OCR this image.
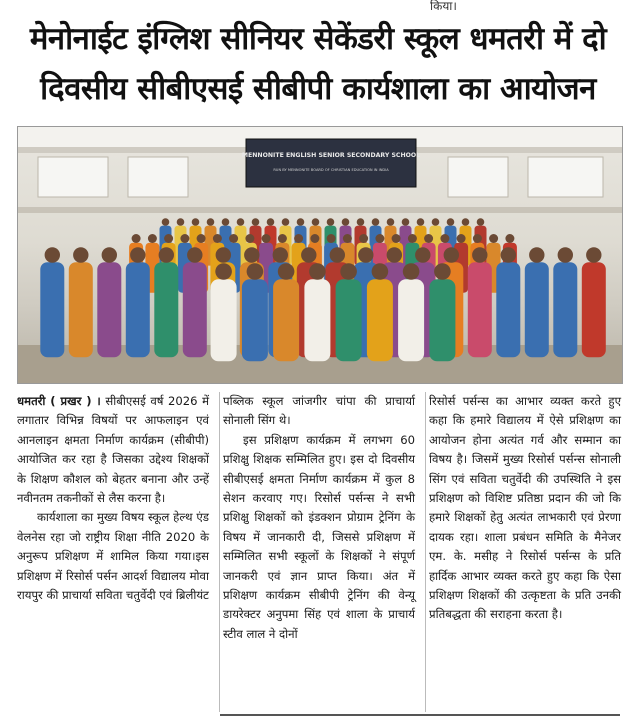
किया।
मेनोनाईट इंग्लिश सीनियर सेकेंडरी स्कूल धमतरी में दो
दिवसीय सीबीएसई सीबीपी कार्यशाला का आयोजन
MENNONITE ENGLISH SENIOR SECONDARY SCHOOL
RUN BY MENNONITE BOARD OF CHRISTIAN EDUCATION IN INDIA

धमतरी ( प्रखर ) । सीबीएसई वर्ष 2026 में लगातार विभिन्न विषयों पर आफलाइन एवं आनलाइन क्षमता निर्माण कार्यक्रम (सीबीपी) आयोजित कर रहा है जिसका उद्देश्य शिक्षकों के शिक्षण कौशल को बेहतर बनाना और उन्हें नवीनतम तकनीकों से लैस करना है।

कार्यशाला का मुख्य विषय स्कूल हेल्थ एंड वेलनेस रहा जो राष्ट्रीय शिक्षा नीति 2020 के अनुरूप प्रशिक्षण में शामिल किया गया।इस प्रशिक्षण में रिसोर्स पर्सन आदर्श विद्यालय मोवा रायपुर की प्राचार्या सविता चतुर्वेदी एवं ब्रिलीयंट

पब्लिक स्कूल जांजगीर चांपा की प्राचार्या सोनाली सिंग थे।

इस प्रशिक्षण कार्यक्रम में लगभग 60 प्रशिक्षु शिक्षक सम्मिलित हुए। इस दो दिवसीय सीबीएसई क्षमता निर्माण कार्यक्रम में कुल 8 सेशन करवाए गए। रिसोर्स पर्सन्स ने सभी प्रशिक्षु शिक्षकों को इंडक्शन प्रोग्राम ट्रेनिंग के विषय में जानकारी दी, जिससे प्रशिक्षण में सम्मिलित सभी स्कूलों के शिक्षकों ने संपूर्ण जानकरी एवं ज्ञान प्राप्त किया। अंत में प्रशिक्षण कार्यक्रम सीबीपी ट्रेनिंग की वेन्यू डायरेक्टर अनुपमा सिंह एवं शाला के प्राचार्य स्टीव लाल ने दोनों

रिसोर्स पर्सन्स का आभार व्यक्त करते हुए कहा कि हमारे विद्यालय में ऐसे प्रशिक्षण का आयोजन होना अत्यंत गर्व और सम्मान का विषय है। जिसमें मुख्य रिसोर्स पर्सन्स सोनाली सिंग एवं सविता चतुर्वेदी की उपस्थिति ने इस प्रशिक्षण को विशिष्ट प्रतिष्ठा प्रदान की जो कि हमारे शिक्षकों हेतु अत्यंत लाभकारी एवं प्रेरणा दायक रहा। शाला प्रबंधन समिति के मैनेजर एम. के. मसीह ने रिसोर्स पर्सन्स के प्रति हार्दिक आभार व्यक्त करते हुए कहा कि ऐसा प्रशिक्षण शिक्षकों की उत्कृष्टता के प्रति उनकी प्रतिबद्धता की सराहना करता है।
